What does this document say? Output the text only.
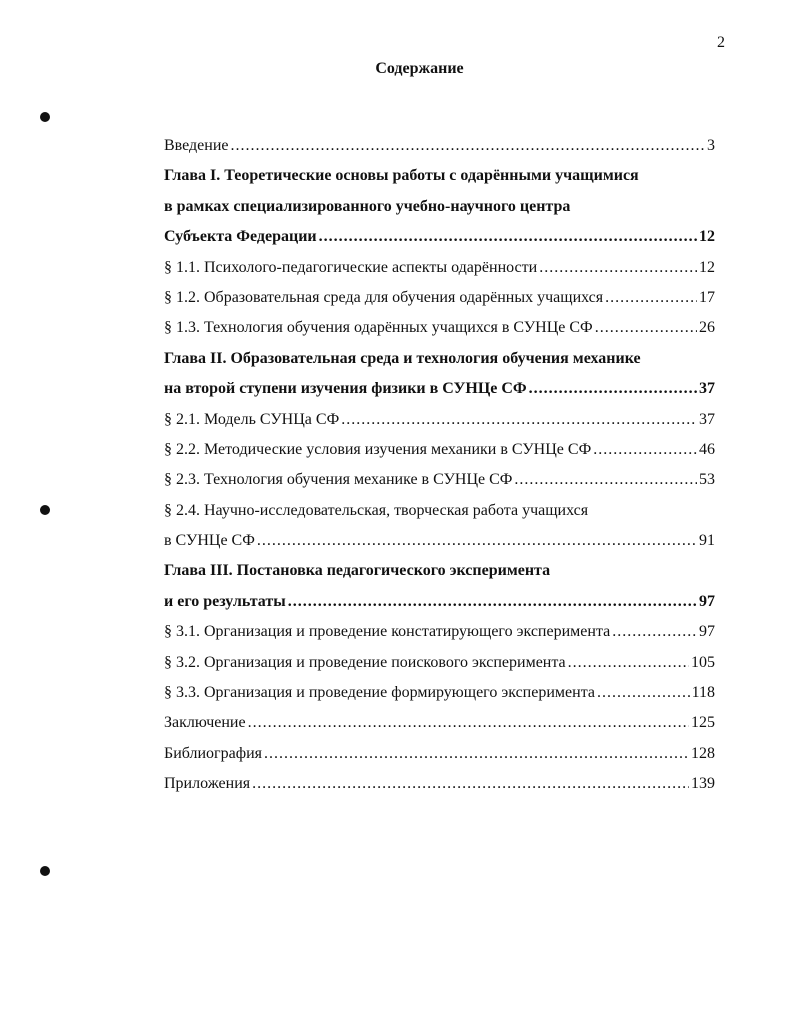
2
Содержание
Введение .....	3
Глава I. Теоретические основы работы с одарёнными учащимися
в рамках специализированного учебно-научного центра
Субъекта Федерации .....	12
§ 1.1. Психолого-педагогические аспекты одарённости .....	12
§ 1.2. Образовательная среда для обучения одарённых учащихся .....	17
§ 1.3. Технология обучения одарённых учащихся в СУНЦе СФ .....	26
Глава II. Образовательная среда и технология обучения механике
на второй ступени изучения физики в СУНЦе СФ .....	37
§ 2.1. Модель СУНЦа СФ .....	37
§ 2.2. Методические условия изучения механики в СУНЦе СФ .....	46
§ 2.3. Технология обучения механике в СУНЦе СФ .....	53
§ 2.4. Научно-исследовательская, творческая работа учащихся
в СУНЦе СФ .....	91
Глава III. Постановка педагогического эксперимента
и его результаты .....	97
§ 3.1. Организация и проведение констатирующего эксперимента .....	97
§ 3.2. Организация и проведение поискового эксперимента .....	105
§ 3.3. Организация и проведение формирующего эксперимента .....	118
Заключение .....	125
Библиография .....	128
Приложения .....	139
